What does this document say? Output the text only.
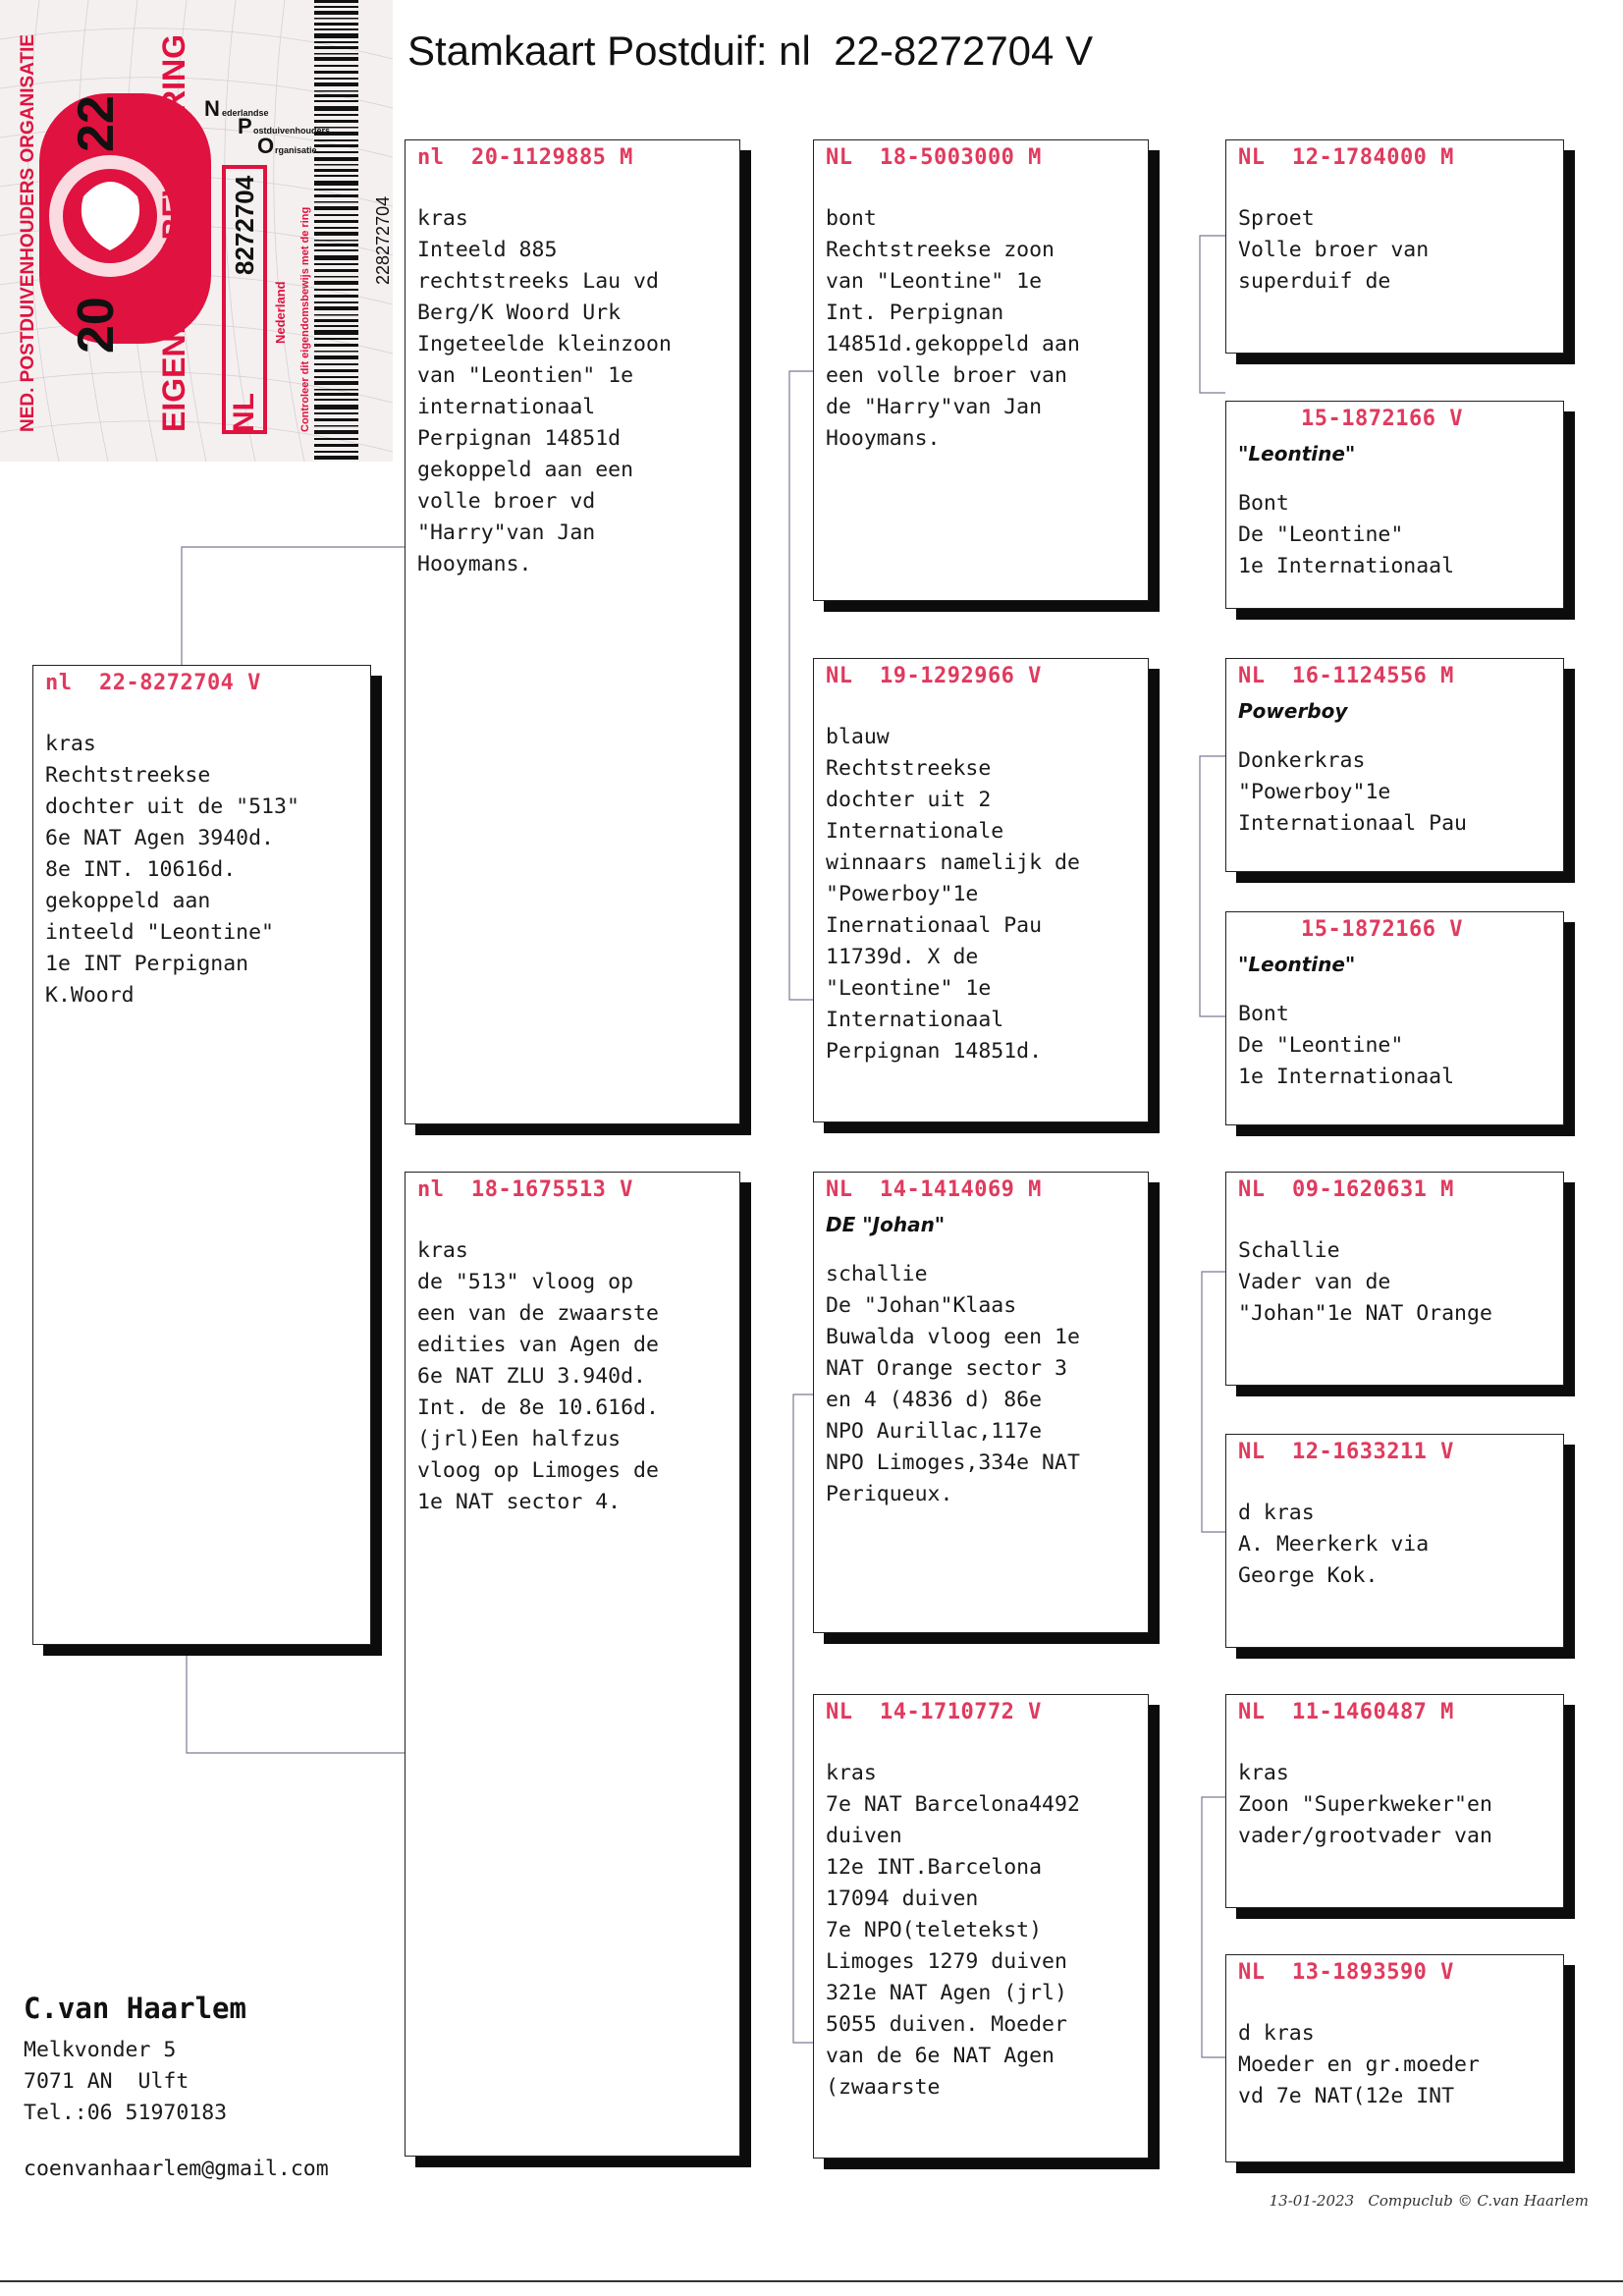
Stamkaart Postduif: nl  22-8272704 V
NED. POSTDUIVENHOUDERS ORGANISATIE 20
22 EIGENDOMSBEWIJS
RING
NL
8272704
Nederland Controleer dit eigendomsbewijs met de ring	228272704
N ederlandse
P ostduivenhouders
O rganisatie
nl  22-8272704 V
kras
Rechtstreekse
dochter uit de "513"
6e NAT Agen 3940d.
8e INT. 10616d.
gekoppeld aan
inteeld "Leontine"
1e INT Perpignan
K.Woord
nl  20-1129885 M
kras
Inteeld 885
rechtstreeks Lau vd
Berg/K Woord Urk
Ingeteelde kleinzoon
van "Leontien" 1e
internationaal
Perpignan 14851d
gekoppeld aan een
volle broer vd
"Harry"van Jan
Hooymans.
nl  18-1675513 V
kras
de "513" vloog op
een van de zwaarste
edities van Agen de
6e NAT ZLU 3.940d.
Int. de 8e 10.616d.
(jrl)Een halfzus
vloog op Limoges de
1e NAT sector 4.
NL  18-5003000 M
bont
Rechtstreekse zoon
van "Leontine" 1e
Int. Perpignan
14851d.gekoppeld aan
een volle broer van
de "Harry"van Jan
Hooymans.
NL  19-1292966 V
blauw
Rechtstreekse
dochter uit 2
Internationale
winnaars namelijk de
"Powerboy"1e
Inernationaal Pau
11739d. X de
"Leontine" 1e
Internationaal
Perpignan 14851d.
NL  14-1414069 M
DE "Johan"
schallie
De "Johan"Klaas
Buwalda vloog een 1e
NAT Orange sector 3
en 4 (4836 d) 86e
NPO Aurillac,117e
NPO Limoges,334e NAT
Periqueux.
NL  14-1710772 V
kras
7e NAT Barcelona4492
duiven
12e INT.Barcelona
17094 duiven
7e NPO(teletekst)
Limoges 1279 duiven
321e NAT Agen (jrl)
5055 duiven. Moeder
van de 6e NAT Agen
(zwaarste
NL  12-1784000 M
Sproet
Volle broer van
superduif de
15-1872166 V
"Leontine"
Bont
De "Leontine"
1e Internationaal
NL  16-1124556 M
Powerboy
Donkerkras
"Powerboy"1e
Internationaal Pau
15-1872166 V
"Leontine"
Bont
De "Leontine"
1e Internationaal
NL  09-1620631 M
Schallie
Vader van de
"Johan"1e NAT Orange
NL  12-1633211 V
d kras
A. Meerkerk via
George Kok.
NL  11-1460487 M
kras
Zoon "Superkweker"en
vader/grootvader van
NL  13-1893590 V
d kras
Moeder en gr.moeder
vd 7e NAT(12e INT
C.van Haarlem
Melkvonder 5
7071 AN  Ulft
Tel.:06 51970183
coenvanhaarlem@gmail.com
13-01-2023   Compuclub © C.van Haarlem
